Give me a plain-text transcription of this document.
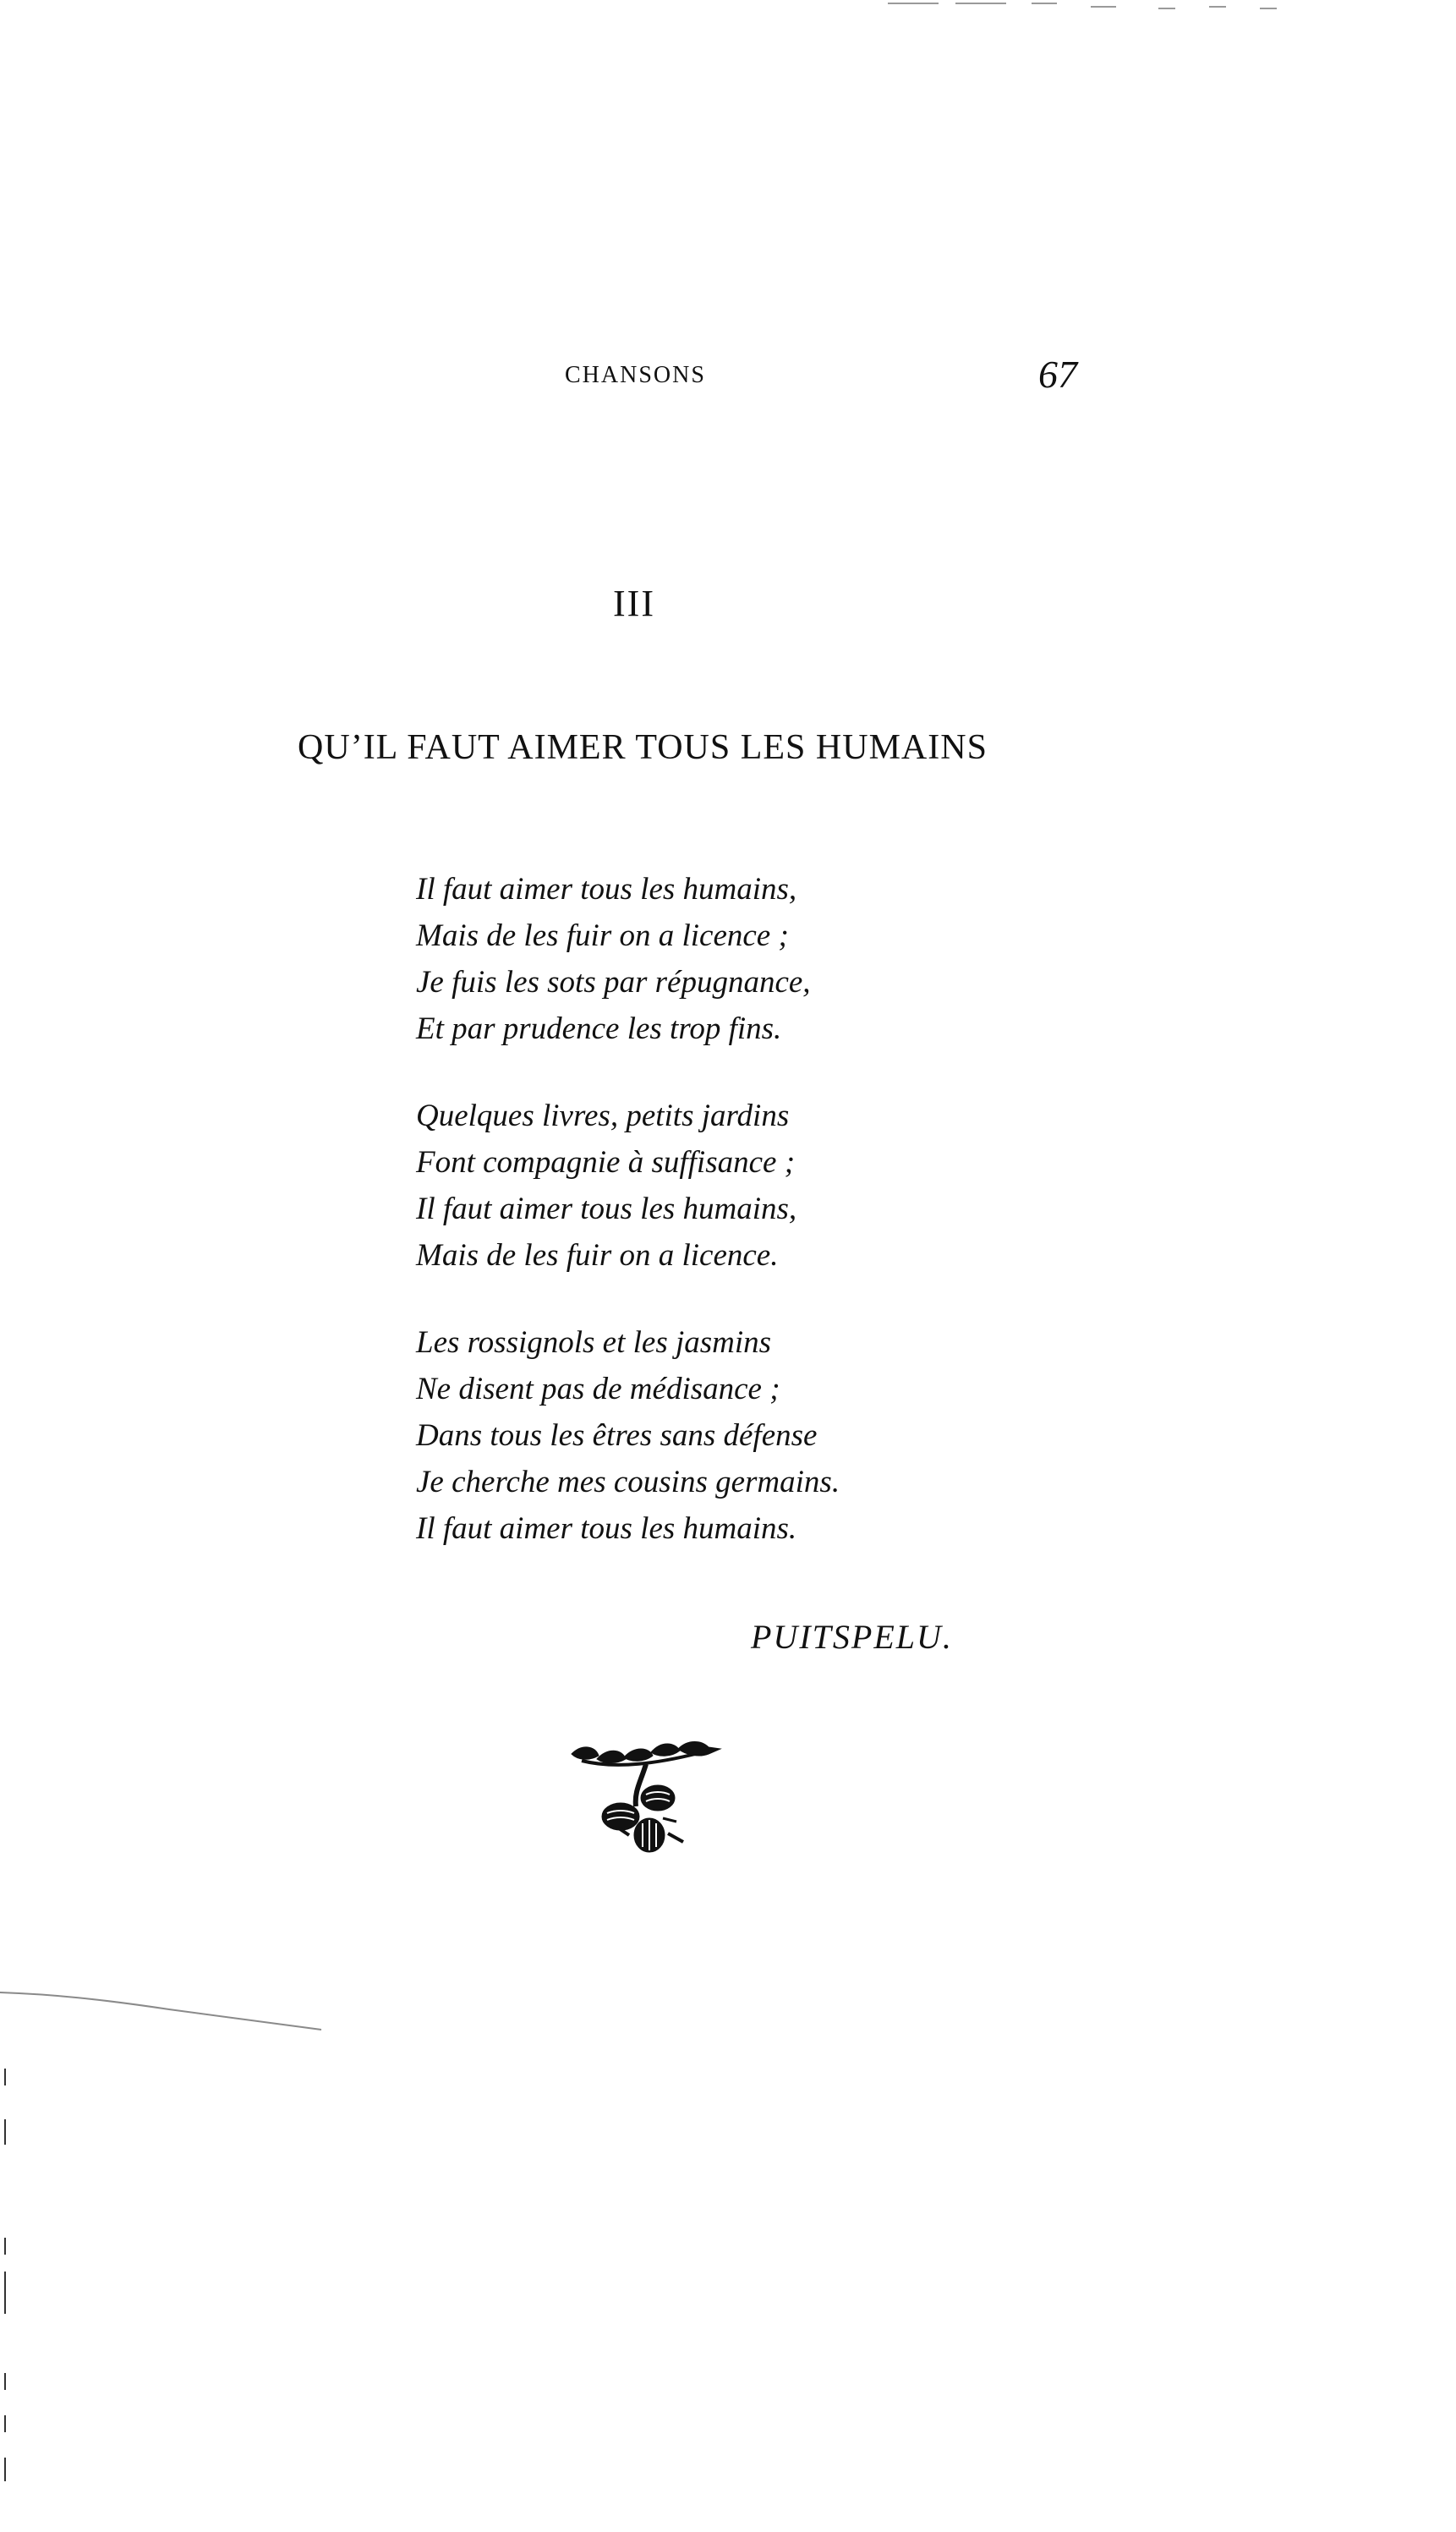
CHANSONS	67
III
QU’IL FAUT AIMER TOUS LES HUMAINS
Il faut aimer tous les humains,
Mais de les fuir on a licence ;
Je fuis les sots par répugnance,
Et par prudence les trop fins.
Quelques livres, petits jardins
Font compagnie à suffisance ;
Il faut aimer tous les humains,
Mais de les fuir on a licence.
Les rossignols et les jasmins
Ne disent pas de médisance ;
Dans tous les êtres sans défense
Je cherche mes cousins germains.
Il faut aimer tous les humains.
PUITSPELU.
